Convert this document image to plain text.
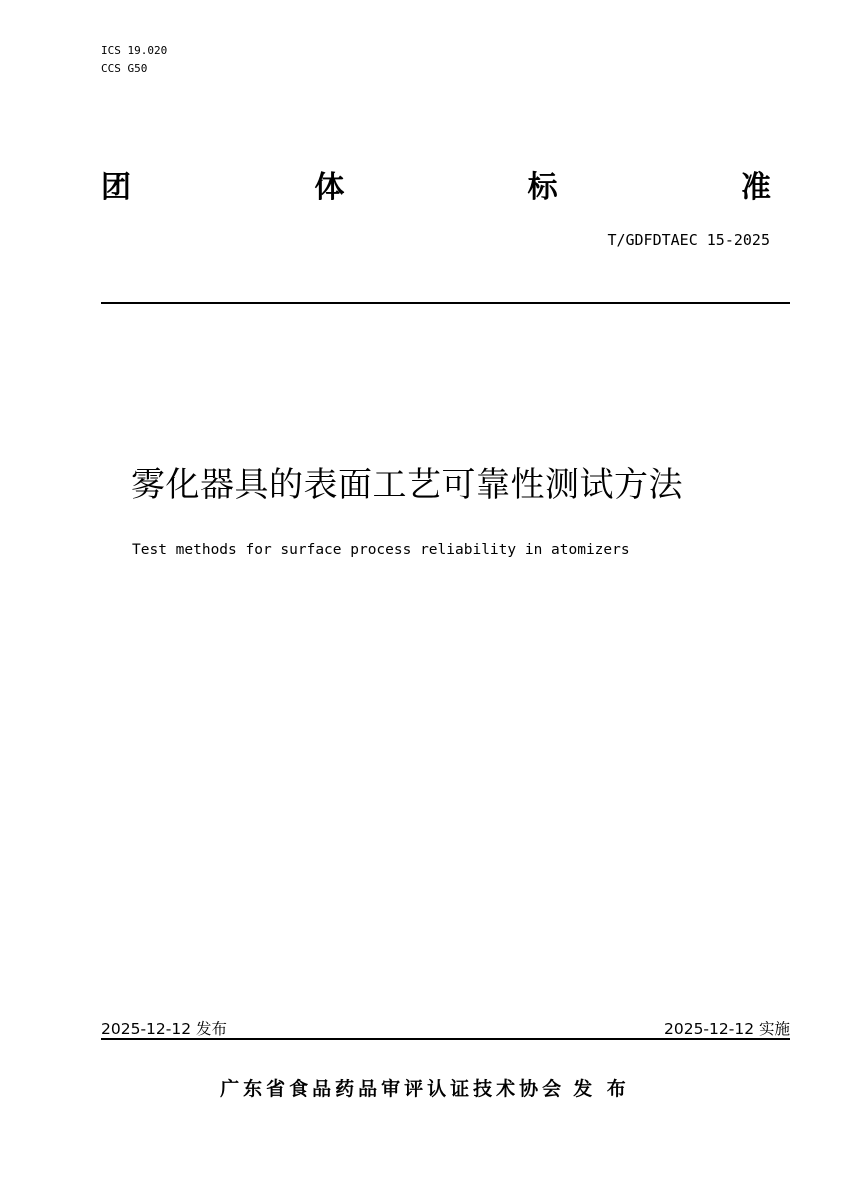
ICS 19.020
CCS G50
团	体	标	准
T/GDFDTAEC 15-2025
雾化器具的表面工艺可靠性测试方法
Test methods for surface process reliability in atomizers
2025-12-12 发布	2025-12-12 实施
广东省食品药品审评认证技术协会 发 布
